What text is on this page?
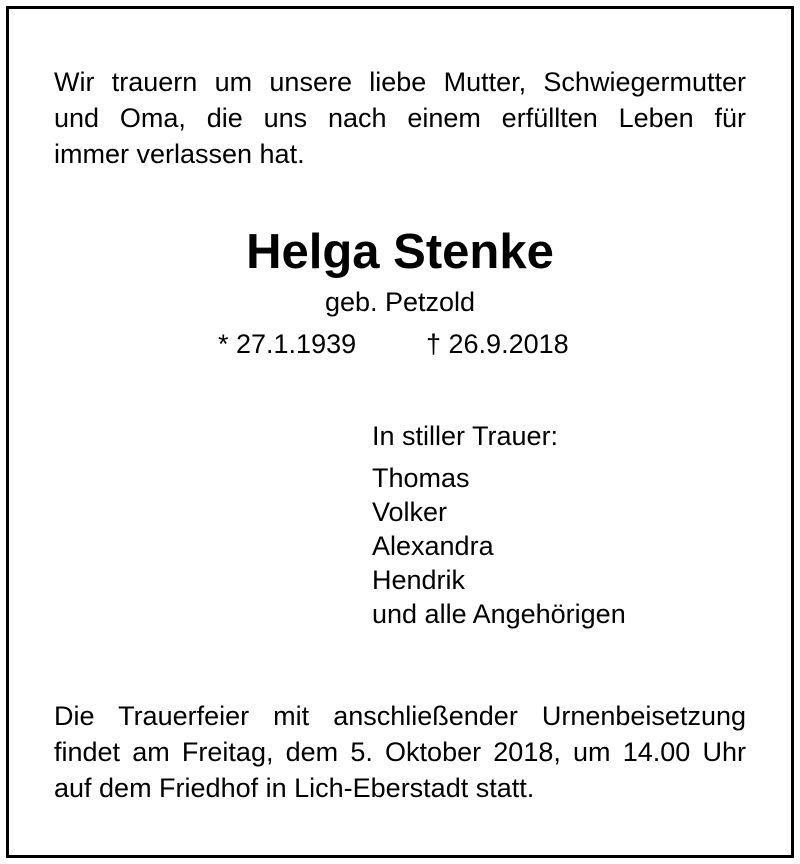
Wir trauern um unsere liebe Mutter, Schwiegermutter
und Oma, die uns nach einem erfüllten Leben für
immer verlassen hat.
Helga Stenke
geb. Petzold
* 27.1.1939	† 26.9.2018
In stiller Trauer:
Thomas
Volker
Alexandra
Hendrik
und alle Angehörigen
Die Trauerfeier mit anschließender Urnenbeisetzung
findet am Freitag, dem 5. Oktober 2018, um 14.00 Uhr
auf dem Friedhof in Lich-Eberstadt statt.
